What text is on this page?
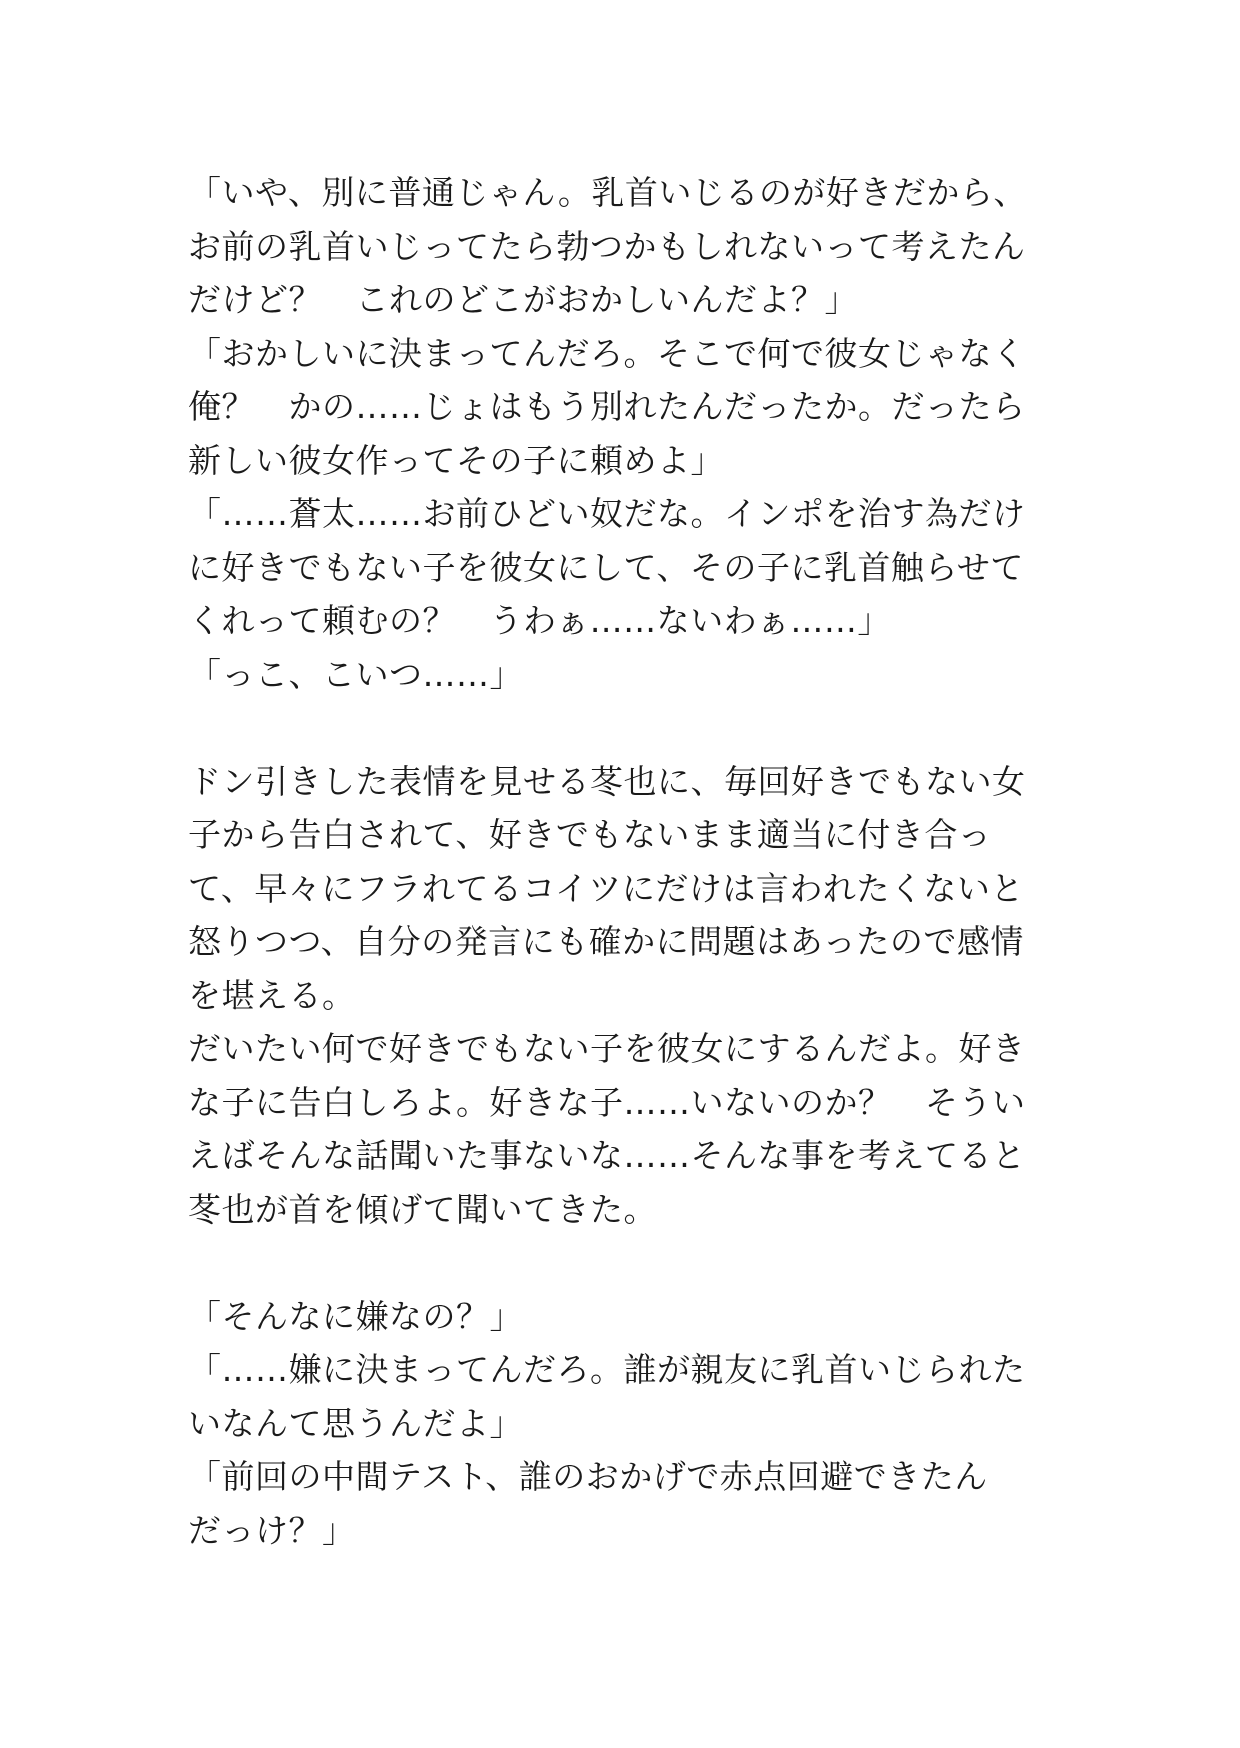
「いや、別に普通じゃん。乳首いじるのが好きだから、
お前の乳首いじってたら勃つかもしれないって考えたん
だけど？　これのどこがおかしいんだよ？」
「おかしいに決まってんだろ。そこで何で彼女じゃなく
俺？　かの……じょはもう別れたんだったか。だったら
新しい彼女作ってその子に頼めよ」
「……蒼太……お前ひどい奴だな。インポを治す為だけ
に好きでもない子を彼女にして、その子に乳首触らせて
くれって頼むの？　うわぁ……ないわぁ……」
「っこ、こいつ……」
ドン引きした表情を見せる苳也に、毎回好きでもない女
子から告白されて、好きでもないまま適当に付き合っ
て、早々にフラれてるコイツにだけは言われたくないと
怒りつつ、自分の発言にも確かに問題はあったので感情
を堪える。
だいたい何で好きでもない子を彼女にするんだよ。好き
な子に告白しろよ。好きな子……いないのか？　そうい
えばそんな話聞いた事ないな……そんな事を考えてると
苳也が首を傾げて聞いてきた。
「そんなに嫌なの？」
「……嫌に決まってんだろ。誰が親友に乳首いじられた
いなんて思うんだよ」
「前回の中間テスト、誰のおかげで赤点回避できたん
だっけ？」
